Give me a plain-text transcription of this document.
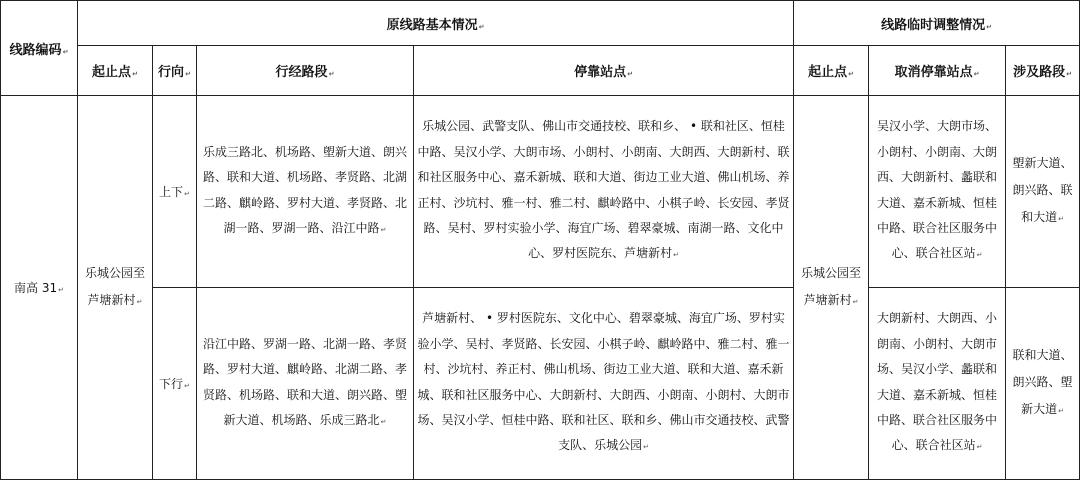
线路编码↵	原线路基本情况↵				线路临时调整情况↵		
	起止点↵	行向↵	行经路段↵	停靠站点↵	起止点↵	取消停靠站点↵	涉及路段↵
南高 31↵	乐城公园至芦塘新村↵	上下↵	乐成三路北、机场路、塱新大道、朗兴路、联和大道、机场路、孝贤路、北湖二路、麒岭路、罗村大道、孝贤路、北湖一路、罗湖一路、沿江中路↵	乐城公园、武警支队、佛山市交通技校、联和乡、 • 联和社区、恒桂中路、吴汉小学、大朗市场、小朗村、小朗南、大朗西、大朗新村、联和社区服务中心、嘉禾新城、联和大道、街边工业大道、佛山机场、养正村、沙坑村、雅一村、雅二村、麒岭路中、小棋子岭、长安园、孝贤路、吴村、罗村实验小学、海宜广场、碧翠豪城、南湖一路、文化中心、罗村医院东、芦塘新村↵	乐城公园至芦塘新村↵	吴汉小学、大朗市场、小朗村、小朗南、大朗西、大朗新村、蠡联和大道、嘉禾新城、恒桂中路、联合社区服务中心、联合社区站↵	塱新大道、朗兴路、联和大道↵
		下行↵	沿江中路、罗湖一路、北湖一路、孝贤路、罗村大道、麒岭路、北湖二路、孝贤路、机场路、联和大道、朗兴路、塱新大道、机场路、乐成三路北↵	芦塘新村、 • 罗村医院东、文化中心、碧翠豪城、海宜广场、罗村实验小学、吴村、孝贤路、长安园、小棋子岭、麒岭路中、雅二村、雅一村、沙坑村、养正村、佛山机场、街边工业大道、联和大道、嘉禾新城、联和社区服务中心、大朗新村、大朗西、小朗南、小朗村、大朗市场、吴汉小学、恒桂中路、联和社区、联和乡、佛山市交通技校、武警支队、乐城公园↵		大朗新村、大朗西、小朗南、小朗村、大朗市场、吴汉小学、蠡联和大道、嘉禾新城、恒桂中路、联合社区服务中心、联合社区站↵	联和大道、朗兴路、塱新大道↵
